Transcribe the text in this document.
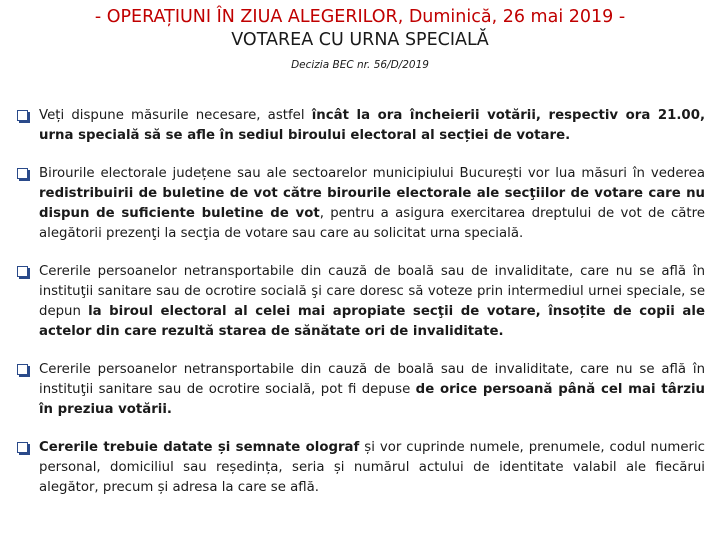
- OPERAȚIUNI ÎN ZIUA ALEGERILOR, Duminică, 26 mai 2019 -
VOTAREA CU URNA SPECIALĂ
Decizia BEC nr. 56/D/2019
Veți dispune măsurile necesare, astfel încât la ora încheierii votării, respectiv ora 21.00, urna specială să se afle în sediul biroului electoral al secției de votare.
Birourile electorale județene sau ale sectoarelor municipiului București vor lua măsuri în vederea redistribuirii de buletine de vot către birourile electorale ale secţiilor de votare care nu dispun de suficiente buletine de vot, pentru a asigura exercitarea dreptului de vot de către alegătorii prezenţi la secţia de votare sau care au solicitat urna specială.
Cererile persoanelor netransportabile din cauză de boală sau de invaliditate, care nu se află în instituţii sanitare sau de ocrotire socială şi care doresc să voteze prin intermediul urnei speciale, se depun la biroul electoral al celei mai apropiate secţii de votare, însoțite de copii ale actelor din care rezultă starea de sănătate ori de invaliditate.
Cererile persoanelor netransportabile din cauză de boală sau de invaliditate, care nu se află în instituţii sanitare sau de ocrotire socială, pot fi depuse de orice persoană până cel mai târziu în preziua votării.
Cererile trebuie datate și semnate olograf și vor cuprinde numele, prenumele, codul numeric personal, domiciliul sau reședința, seria și numărul actului de identitate valabil ale fiecărui alegător, precum și adresa la care se află.
